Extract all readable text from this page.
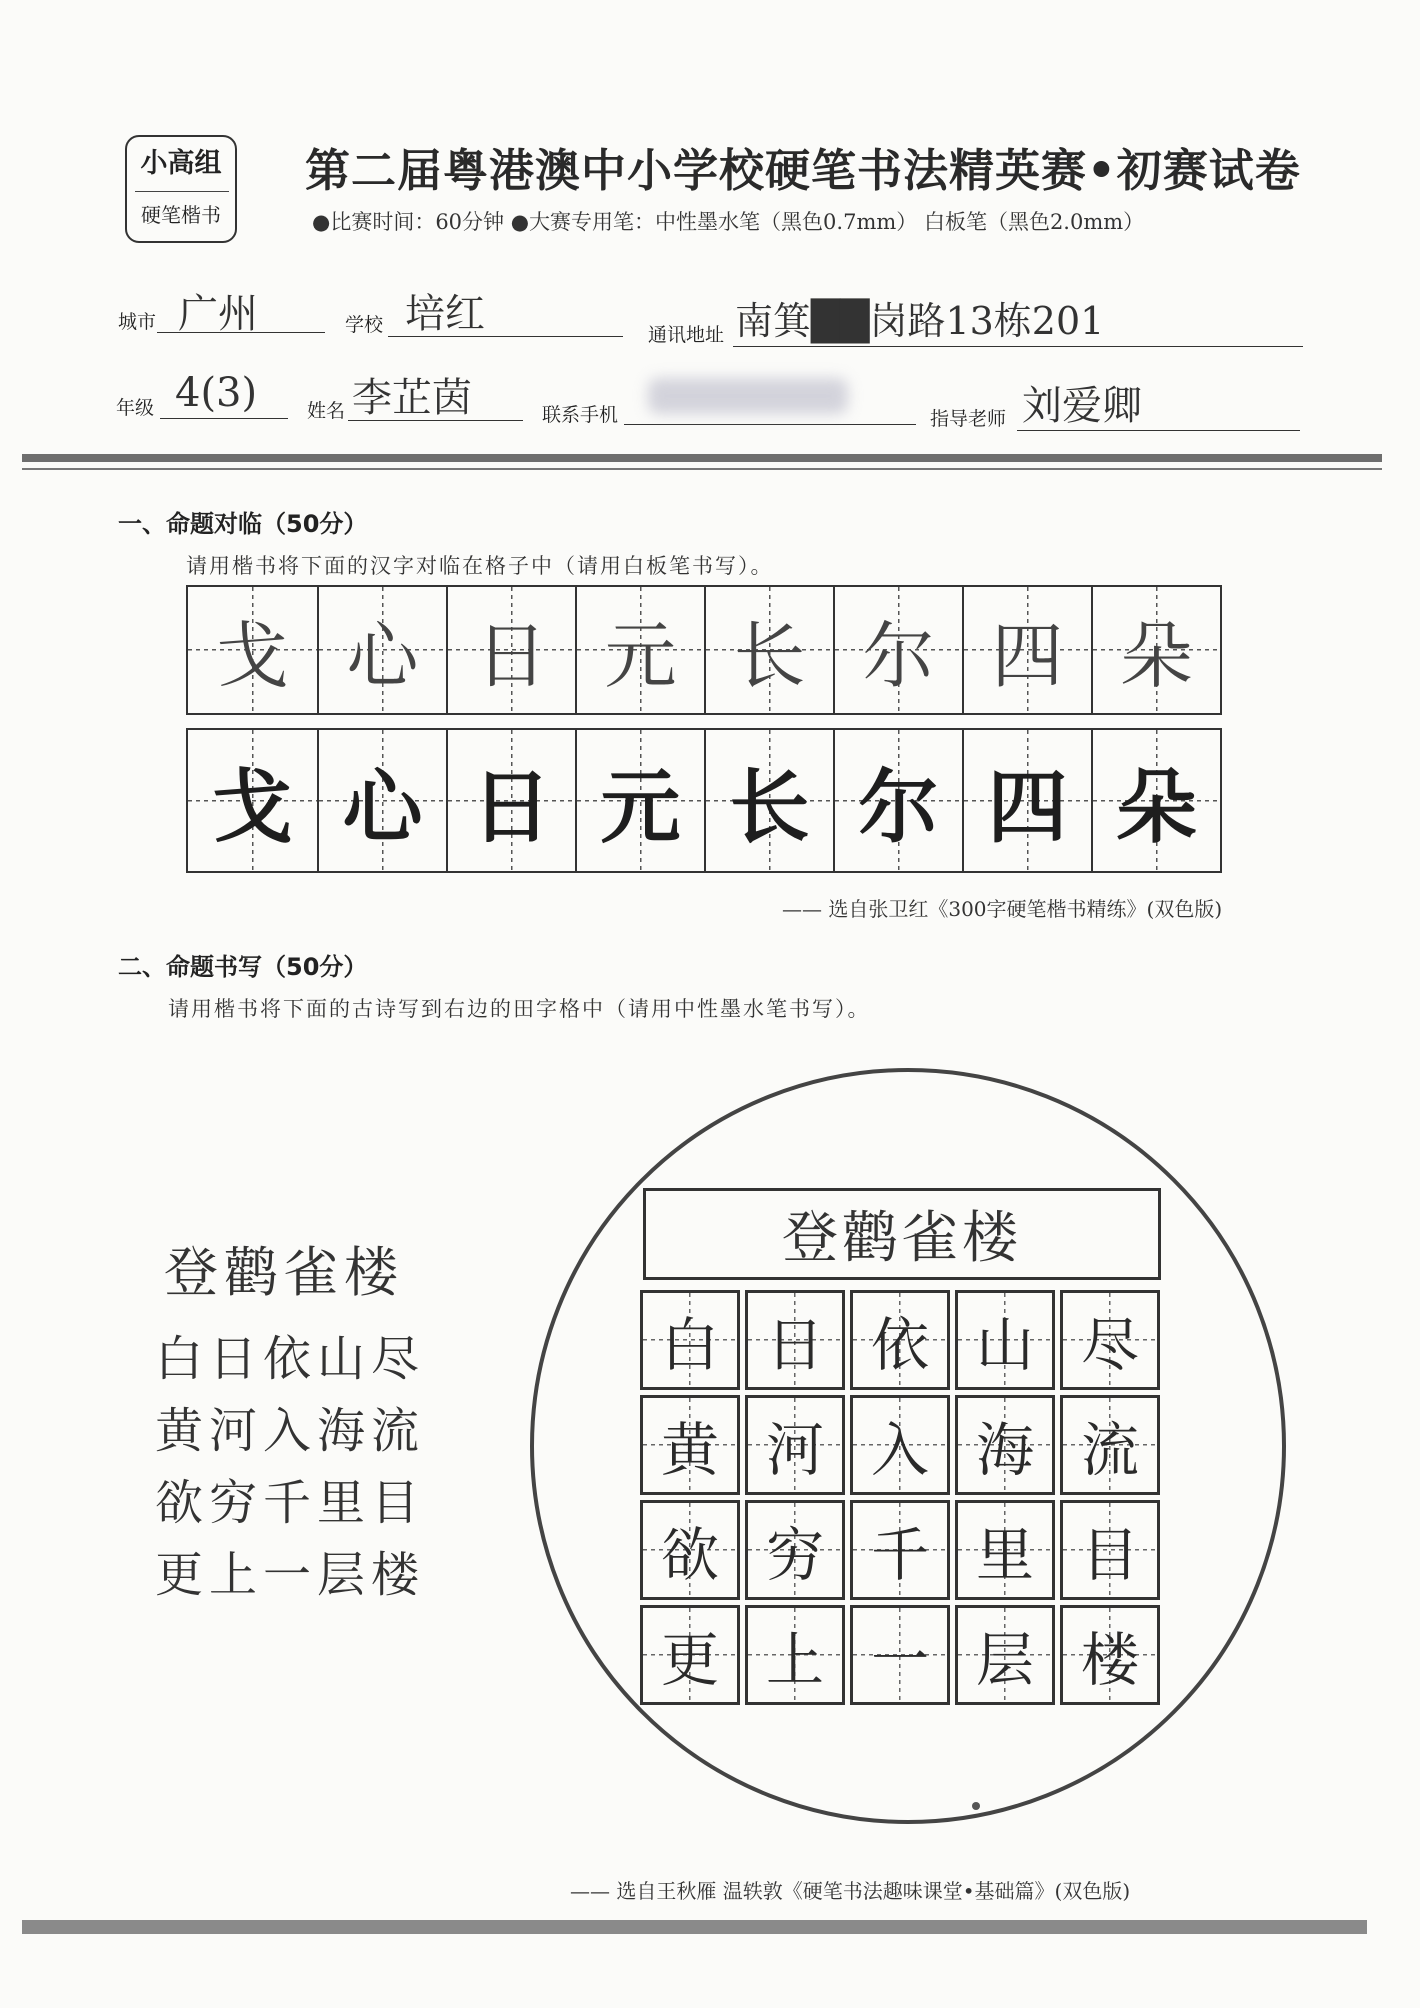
小高组
硬笔楷书
第二届粤港澳中小学校硬笔书法精英赛•初赛试卷
●比赛时间：60分钟 ●大赛专用笔：中性墨水笔（黑色0.7mm） 白板笔（黑色2.0mm）
城市 广州	学校 培红	通讯地址 南箕██岗路13栋201
年级 4(3)	姓名 李芷茵	联系手机	指导老师 刘爱卿
一、命题对临（50分）
请用楷书将下面的汉字对临在格子中（请用白板笔书写）。
戈 心 日 元 长 尔 四 朵
戈 心 日 元 长 尔 四 朵
—— 选自张卫红《300字硬笔楷书精练》(双色版)
二、命题书写（50分）
请用楷书将下面的古诗写到右边的田字格中（请用中性墨水笔书写）。
登鹳雀楼
白日依山尽
黄河入海流
欲穷千里目
更上一层楼
登鹳雀楼
白 日 依 山 尽
黄 河 入 海 流
欲 穷 千 里 目
更 上 一 层 楼
—— 选自王秋雁 温轶敦《硬笔书法趣味课堂•基础篇》(双色版)
